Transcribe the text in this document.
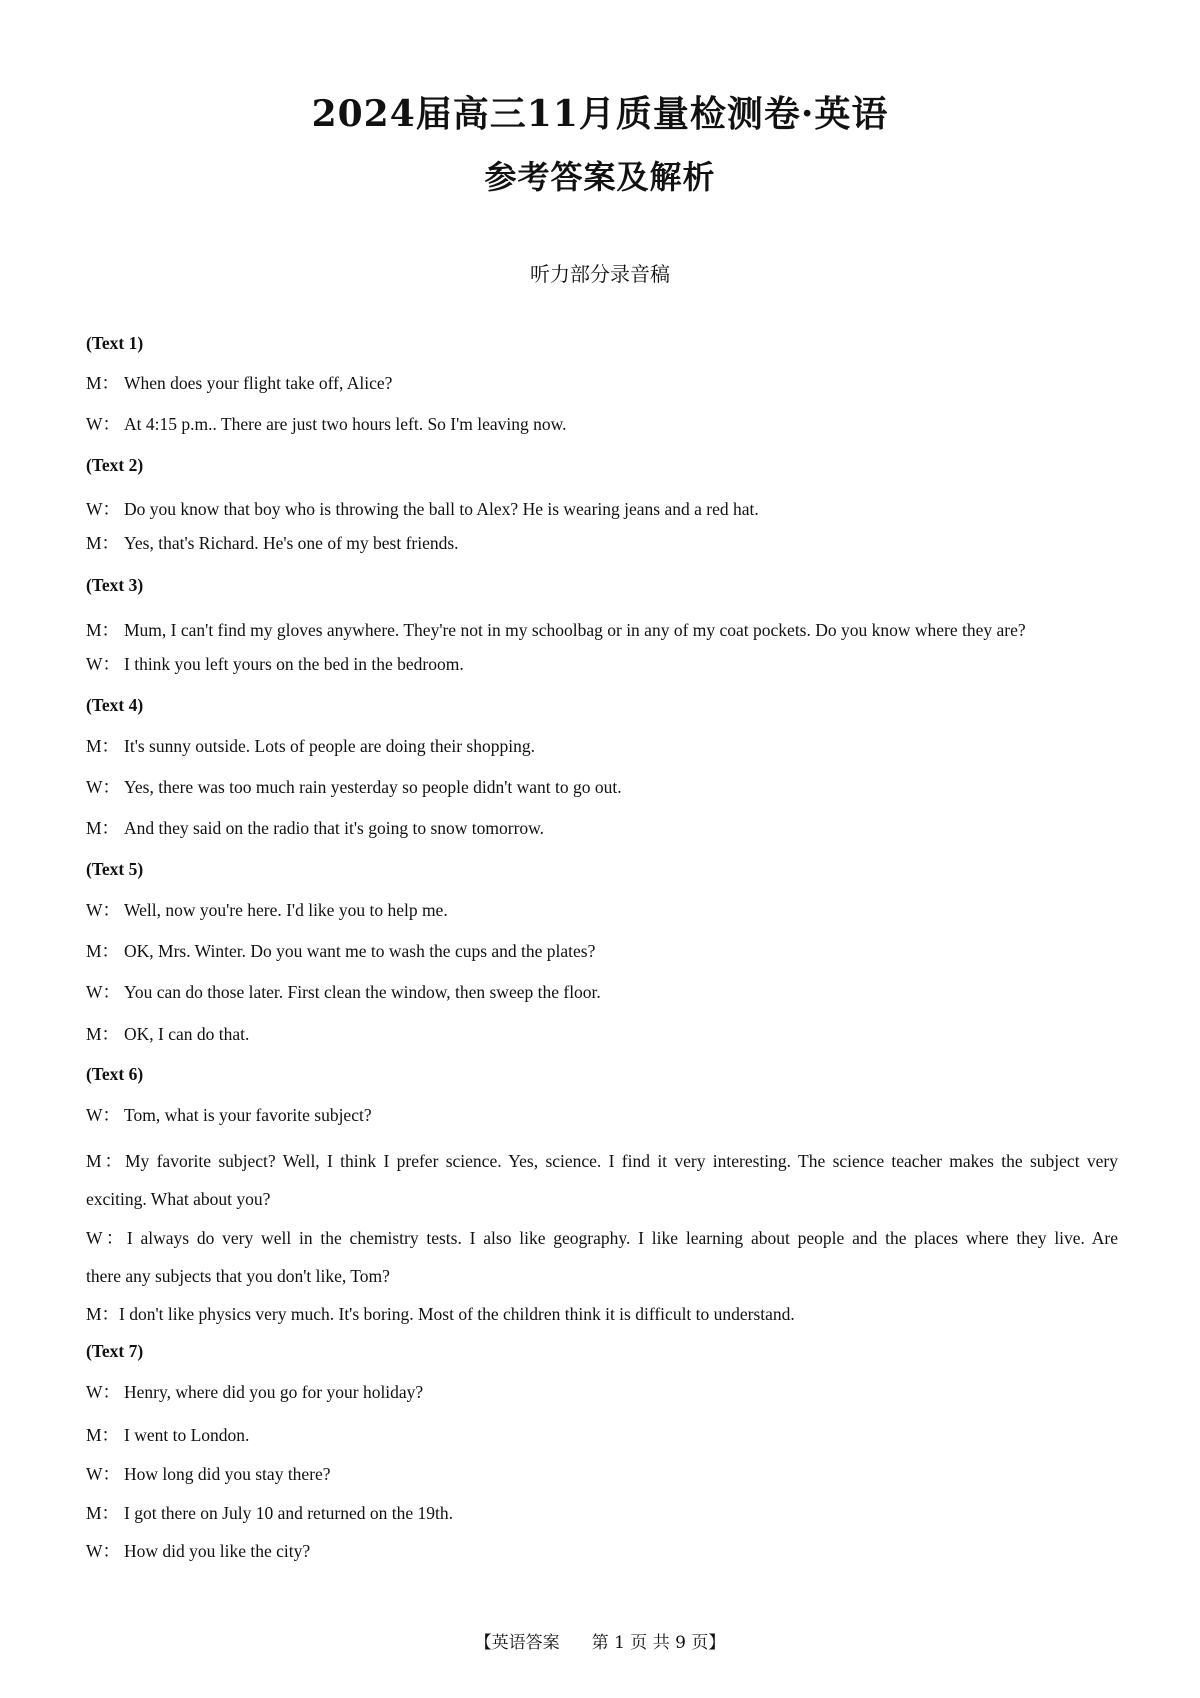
2024届高三11月质量检测卷·英语
参考答案及解析
听力部分录音稿
(Text 1)
M： When does your flight take off, Alice?
W： At 4:15 p.m.. There are just two hours left. So I'm leaving now.
(Text 2)
W： Do you know that boy who is throwing the ball to Alex? He is wearing jeans and a red hat.
M： Yes, that's Richard. He's one of my best friends.
(Text 3)
M： Mum, I can't find my gloves anywhere. They're not in my schoolbag or in any of my coat pockets. Do you know where they are?
W： I think you left yours on the bed in the bedroom.
(Text 4)
M： It's sunny outside. Lots of people are doing their shopping.
W： Yes, there was too much rain yesterday so people didn't want to go out.
M： And they said on the radio that it's going to snow tomorrow.
(Text 5)
W： Well, now you're here. I'd like you to help me.
M： OK, Mrs. Winter. Do you want me to wash the cups and the plates?
W： You can do those later. First clean the window, then sweep the floor.
M： OK, I can do that.
(Text 6)
W： Tom, what is your favorite subject?
M：My favorite subject? Well, I think I prefer science. Yes, science. I find it very interesting. The science teacher makes the subject very
exciting. What about you?
W：I always do very well in the chemistry tests. I also like geography. I like learning about people and the places where they live. Are
there any subjects that you don't like, Tom?
M：I don't like physics very much. It's boring. Most of the children think it is difficult to understand.
(Text 7)
W： Henry, where did you go for your holiday?
M： I went to London.
W： How long did you stay there?
M： I got there on July 10 and returned on the 19th.
W： How did you like the city?
【英语答案 第 1 页 共 9 页】
